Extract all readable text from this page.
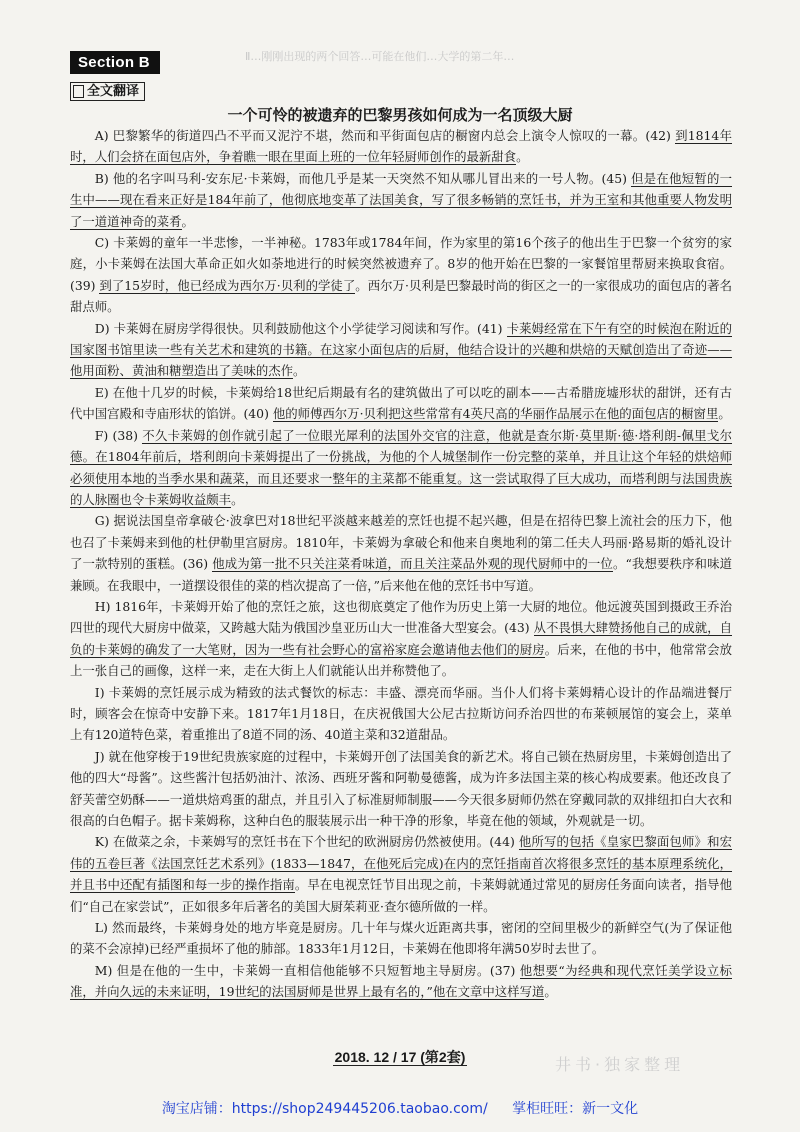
Ⅱ…刚刚出现的两个回答…可能在他们…大学的第二年…
Section B
全文翻译
一个可怜的被遗弃的巴黎男孩如何成为一名顶级大厨

A) 巴黎繁华的街道四凸不平而又泥泞不堪，然而和平街面包店的橱窗内总会上演令人惊叹的一幕。(42) 到1814年时，人们会挤在面包店外，争着瞧一眼在里面上班的一位年轻厨师创作的最新甜食。

B) 他的名字叫马利-安东尼·卡莱姆，而他几乎是某一天突然不知从哪儿冒出来的一号人物。(45) 但是在他短暂的一生中——现在看来正好是184年前了，他彻底地变革了法国美食，写了很多畅销的烹饪书，并为王室和其他重要人物发明了一道道神奇的菜肴。

C) 卡莱姆的童年一半悲惨，一半神秘。1783年或1784年间，作为家里的第16个孩子的他出生于巴黎一个贫穷的家庭，小卡莱姆在法国大革命正如火如荼地进行的时候突然被遗弃了。8岁的他开始在巴黎的一家餐馆里帮厨来换取食宿。(39) 到了15岁时，他已经成为西尔万·贝利的学徒了。西尔万·贝利是巴黎最时尚的街区之一的一家很成功的面包店的著名甜点师。

D) 卡莱姆在厨房学得很快。贝利鼓励他这个小学徒学习阅读和写作。(41) 卡莱姆经常在下午有空的时候泡在附近的国家图书馆里读一些有关艺术和建筑的书籍。在这家小面包店的后厨，他结合设计的兴趣和烘焙的天赋创造出了奇迹——他用面粉、黄油和糖塑造出了美味的杰作。

E) 在他十几岁的时候，卡莱姆给18世纪后期最有名的建筑做出了可以吃的副本——古希腊庞墟形状的甜饼，还有古代中国宫殿和寺庙形状的馅饼。(40) 他的师傅西尔万·贝利把这些常常有4英尺高的华丽作品展示在他的面包店的橱窗里。

F) (38) 不久卡莱姆的创作就引起了一位眼光犀利的法国外交官的注意，他就是查尔斯·莫里斯·德·塔利朗-佩里戈尔德。在1804年前后，塔利朗向卡莱姆提出了一份挑战，为他的个人城堡制作一份完整的菜单，并且让这个年轻的烘焙师必须使用本地的当季水果和蔬菜，而且还要求一整年的主菜都不能重复。这一尝试取得了巨大成功，而塔利朗与法国贵族的人脉圈也令卡莱姆收益颇丰。

G) 据说法国皇帝拿破仑·波拿巴对18世纪平淡越来越差的烹饪也提不起兴趣，但是在招待巴黎上流社会的压力下，他也召了卡莱姆来到他的杜伊勒里宫厨房。1810年，卡莱姆为拿破仑和他来自奥地利的第二任夫人玛丽·路易斯的婚礼设计了一款特别的蛋糕。(36) 他成为第一批不只关注菜肴味道，而且关注菜品外观的现代厨师中的一位。“我想要秩序和味道兼顾。在我眼中，一道摆设很佳的菜的档次提高了一倍，”后来他在他的烹饪书中写道。

H) 1816年，卡莱姆开始了他的烹饪之旅，这也彻底奠定了他作为历史上第一大厨的地位。他远渡英国到摄政王乔治四世的现代大厨房中做菜，又跨越大陆为俄国沙皇亚历山大一世准备大型宴会。(43) 从不畏惧大肆赞扬他自己的成就，自负的卡莱姆的确发了一大笔财，因为一些有社会野心的富裕家庭会邀请他去他们的厨房。后来，在他的书中，他常常会放上一张自己的画像，这样一来，走在大街上人们就能认出并称赞他了。

I) 卡莱姆的烹饪展示成为精致的法式餐饮的标志：丰盛、漂亮而华丽。当仆人们将卡莱姆精心设计的作品端进餐厅时，顾客会在惊奇中安静下来。1817年1月18日，在庆祝俄国大公尼古拉斯访问乔治四世的布莱顿展馆的宴会上，菜单上有120道特色菜，着重推出了8道不同的汤、40道主菜和32道甜品。

J) 就在他穿梭于19世纪贵族家庭的过程中，卡莱姆开创了法国美食的新艺术。将自己锁在热厨房里，卡莱姆创造出了他的四大“母酱”。这些酱汁包括奶油汁、浓汤、西班牙酱和阿勒曼德酱，成为许多法国主菜的核心构成要素。他还改良了舒芙蕾空奶酥——一道烘焙鸡蛋的甜点，并且引入了标准厨师制服——今天很多厨师仍然在穿戴同款的双排纽扣白大衣和很高的白色帽子。据卡莱姆称，这种白色的服装展示出一种干净的形象，毕竟在他的领域，外观就是一切。

K) 在做菜之余，卡莱姆写的烹饪书在下个世纪的欧洲厨房仍然被使用。(44) 他所写的包括《皇家巴黎面包师》和宏伟的五卷巨著《法国烹饪艺术系列》(1833—1847，在他死后完成)在内的烹饪指南首次将很多烹饪的基本原理系统化，并且书中还配有插图和每一步的操作指南。早在电视烹饪节目出现之前，卡莱姆就通过常见的厨房任务面向读者，指导他们“自己在家尝试”，正如很多年后著名的美国大厨茱莉亚·查尔德所做的一样。

L) 然而最终，卡莱姆身处的地方毕竟是厨房。几十年与煤火近距离共事，密闭的空间里极少的新鲜空气(为了保证他的菜不会凉掉)已经严重损坏了他的肺部。1833年1月12日，卡莱姆在他即将年满50岁时去世了。

M) 但是在他的一生中，卡莱姆一直相信他能够不只短暂地主导厨房。(37) 他想要“为经典和现代烹饪美学设立标准，并向久远的未来证明，19世纪的法国厨师是世界上最有名的，”他在文章中这样写道。

2018. 12 / 17 (第2套)	井书·独家整理
淘宝店铺：https://shop249445206.taobao.com/ 掌柜旺旺：新一文化
